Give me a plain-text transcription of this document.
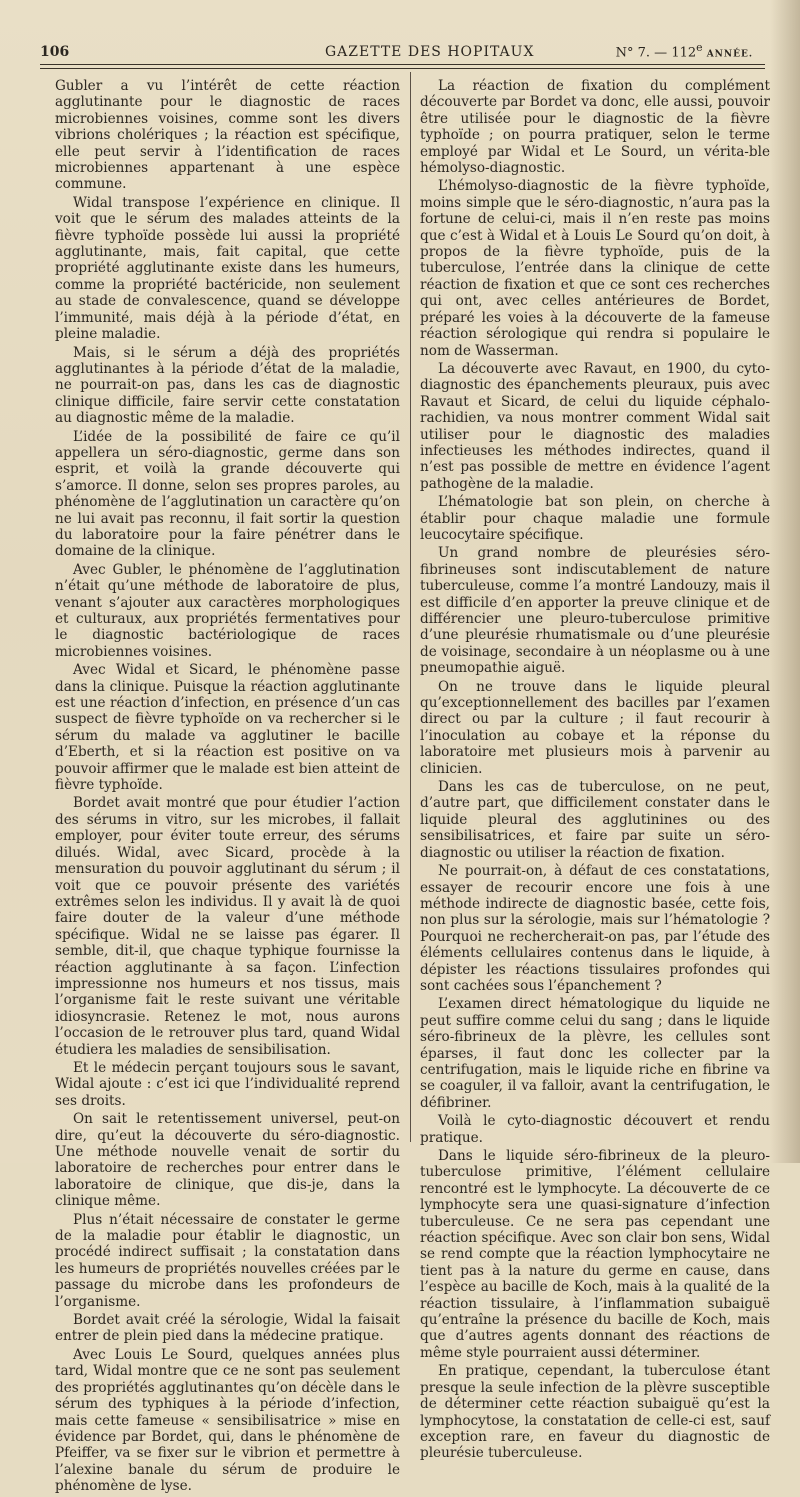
106	GAZETTE DES HOPITAUX	N° 7. — 112e ANNÉE.

Gubler a vu l’intérêt de cette réaction agglutinante pour le diagnostic de races microbiennes voisines, comme sont les divers vibrions cholériques ; la réaction est spécifique, elle peut servir à l’identification de races microbiennes appartenant à une espèce commune.

Widal transpose l’expérience en clinique. Il voit que le sérum des malades atteints de la fièvre typhoïde possède lui aussi la propriété agglutinante, mais, fait capital, que cette propriété agglutinante existe dans les humeurs, comme la propriété bactéricide, non seulement au stade de convalescence, quand se développe l’immunité, mais déjà à la période d’état, en pleine maladie.

Mais, si le sérum a déjà des propriétés agglutinantes à la période d’état de la maladie, ne pourrait-on pas, dans les cas de diagnostic clinique difficile, faire servir cette constatation au diagnostic même de la maladie.

L’idée de la possibilité de faire ce qu’il appellera un séro-diagnostic, germe dans son esprit, et voilà la grande découverte qui s’amorce. Il donne, selon ses propres paroles, au phénomène de l’agglutination un caractère qu’on ne lui avait pas reconnu, il fait sortir la question du laboratoire pour la faire pénétrer dans le domaine de la clinique.

Avec Gubler, le phénomène de l’agglutination n’était qu’une méthode de laboratoire de plus, venant s’ajouter aux caractères morphologiques et culturaux, aux propriétés fermentatives pour le diagnostic bactériologique de races microbiennes voisines.

Avec Widal et Sicard, le phénomène passe dans la clinique. Puisque la réaction agglutinante est une réaction d’infection, en présence d’un cas suspect de fièvre typhoïde on va rechercher si le sérum du malade va agglutiner le bacille d’Eberth, et si la réaction est positive on va pouvoir affirmer que le malade est bien atteint de fièvre typhoïde.

Bordet avait montré que pour étudier l’action des sérums in vitro, sur les microbes, il fallait employer, pour éviter toute erreur, des sérums dilués. Widal, avec Sicard, procède à la mensuration du pouvoir agglutinant du sérum ; il voit que ce pouvoir présente des variétés extrêmes selon les individus. Il y avait là de quoi faire douter de la valeur d’une méthode spécifique. Widal ne se laisse pas égarer. Il semble, dit-il, que chaque typhique fournisse la réaction agglutinante à sa façon. L’infection impressionne nos humeurs et nos tissus, mais l’organisme fait le reste suivant une véritable idiosyncrasie. Retenez le mot, nous aurons l’occasion de le retrouver plus tard, quand Widal étudiera les maladies de sensibilisation.

Et le médecin perçant toujours sous le savant, Widal ajoute : c’est ici que l’individualité reprend ses droits.

On sait le retentissement universel, peut-on dire, qu’eut la découverte du séro-diagnostic. Une méthode nouvelle venait de sortir du laboratoire de recherches pour entrer dans le laboratoire de clinique, que dis-je, dans la clinique même.

Plus n’était nécessaire de constater le germe de la maladie pour établir le diagnostic, un procédé indirect suffisait ; la constatation dans les humeurs de propriétés nouvelles créées par le passage du microbe dans les profondeurs de l’organisme.

Bordet avait créé la sérologie, Widal la faisait entrer de plein pied dans la médecine pratique.

Avec Louis Le Sourd, quelques années plus tard, Widal montre que ce ne sont pas seulement des propriétés agglutinantes qu’on décèle dans le sérum des typhiques à la période d’infection, mais cette fameuse « sensibilisatrice » mise en évidence par Bordet, qui, dans le phénomène de Pfeiffer, va se fixer sur le vibrion et permettre à l’alexine banale du sérum de produire le phénomène de lyse.

La réaction de fixation du complément découverte par Bordet va donc, elle aussi, pouvoir être utilisée pour le diagnostic de la fièvre typhoïde ; on pourra pratiquer, selon le terme employé par Widal et Le Sourd, un vérita-ble hémolyso-diagnostic.

L’hémolyso-diagnostic de la fièvre typhoïde, moins simple que le séro-diagnostic, n’aura pas la fortune de celui-ci, mais il n’en reste pas moins que c’est à Widal et à Louis Le Sourd qu’on doit, à propos de la fièvre typhoïde, puis de la tuberculose, l’entrée dans la clinique de cette réaction de fixation et que ce sont ces recherches qui ont, avec celles antérieures de Bordet, préparé les voies à la découverte de la fameuse réaction sérologique qui rendra si populaire le nom de Wasserman.

La découverte avec Ravaut, en 1900, du cyto-diagnostic des épanchements pleuraux, puis avec Ravaut et Sicard, de celui du liquide céphalo-rachidien, va nous montrer comment Widal sait utiliser pour le diagnostic des maladies infectieuses les méthodes indirectes, quand il n’est pas possible de mettre en évidence l’agent pathogène de la maladie.

L’hématologie bat son plein, on cherche à établir pour chaque maladie une formule leucocytaire spécifique.

Un grand nombre de pleurésies séro-fibrineuses sont indiscutablement de nature tuberculeuse, comme l’a montré Landouzy, mais il est difficile d’en apporter la preuve clinique et de différencier une pleuro-tuberculose primitive d’une pleurésie rhumatismale ou d’une pleurésie de voisinage, secondaire à un néoplasme ou à une pneumopathie aiguë.

On ne trouve dans le liquide pleural qu’exceptionnellement des bacilles par l’examen direct ou par la culture ; il faut recourir à l’inoculation au cobaye et la réponse du laboratoire met plusieurs mois à parvenir au clinicien.

Dans les cas de tuberculose, on ne peut, d’autre part, que difficilement constater dans le liquide pleural des agglutinines ou des sensibilisatrices, et faire par suite un séro-diagnostic ou utiliser la réaction de fixation.

Ne pourrait-on, à défaut de ces constatations, essayer de recourir encore une fois à une méthode indirecte de diagnostic basée, cette fois, non plus sur la sérologie, mais sur l’hématologie ? Pourquoi ne rechercherait-on pas, par l’étude des éléments cellulaires contenus dans le liquide, à dépister les réactions tissulaires profondes qui sont cachées sous l’épanchement ?

L’examen direct hématologique du liquide ne peut suffire comme celui du sang ; dans le liquide séro-fibrineux de la plèvre, les cellules sont éparses, il faut donc les collecter par la centrifugation, mais le liquide riche en fibrine va se coaguler, il va falloir, avant la centrifugation, le défibriner.

Voilà le cyto-diagnostic découvert et rendu pratique.

Dans le liquide séro-fibrineux de la pleuro-tuberculose primitive, l’élément cellulaire rencontré est le lymphocyte. La découverte de ce lymphocyte sera une quasi-signature d’infection tuberculeuse. Ce ne sera pas cependant une réaction spécifique. Avec son clair bon sens, Widal se rend compte que la réaction lymphocytaire ne tient pas à la nature du germe en cause, dans l’espèce au bacille de Koch, mais à la qualité de la réaction tissulaire, à l’inflammation subaiguë qu’entraîne la présence du bacille de Koch, mais que d’autres agents donnant des réactions de même style pourraient aussi déterminer.

En pratique, cependant, la tuberculose étant presque la seule infection de la plèvre susceptible de déterminer cette réaction subaiguë qu’est la lymphocytose, la constatation de celle-ci est, sauf exception rare, en faveur du diagnostic de pleurésie tuberculeuse.
